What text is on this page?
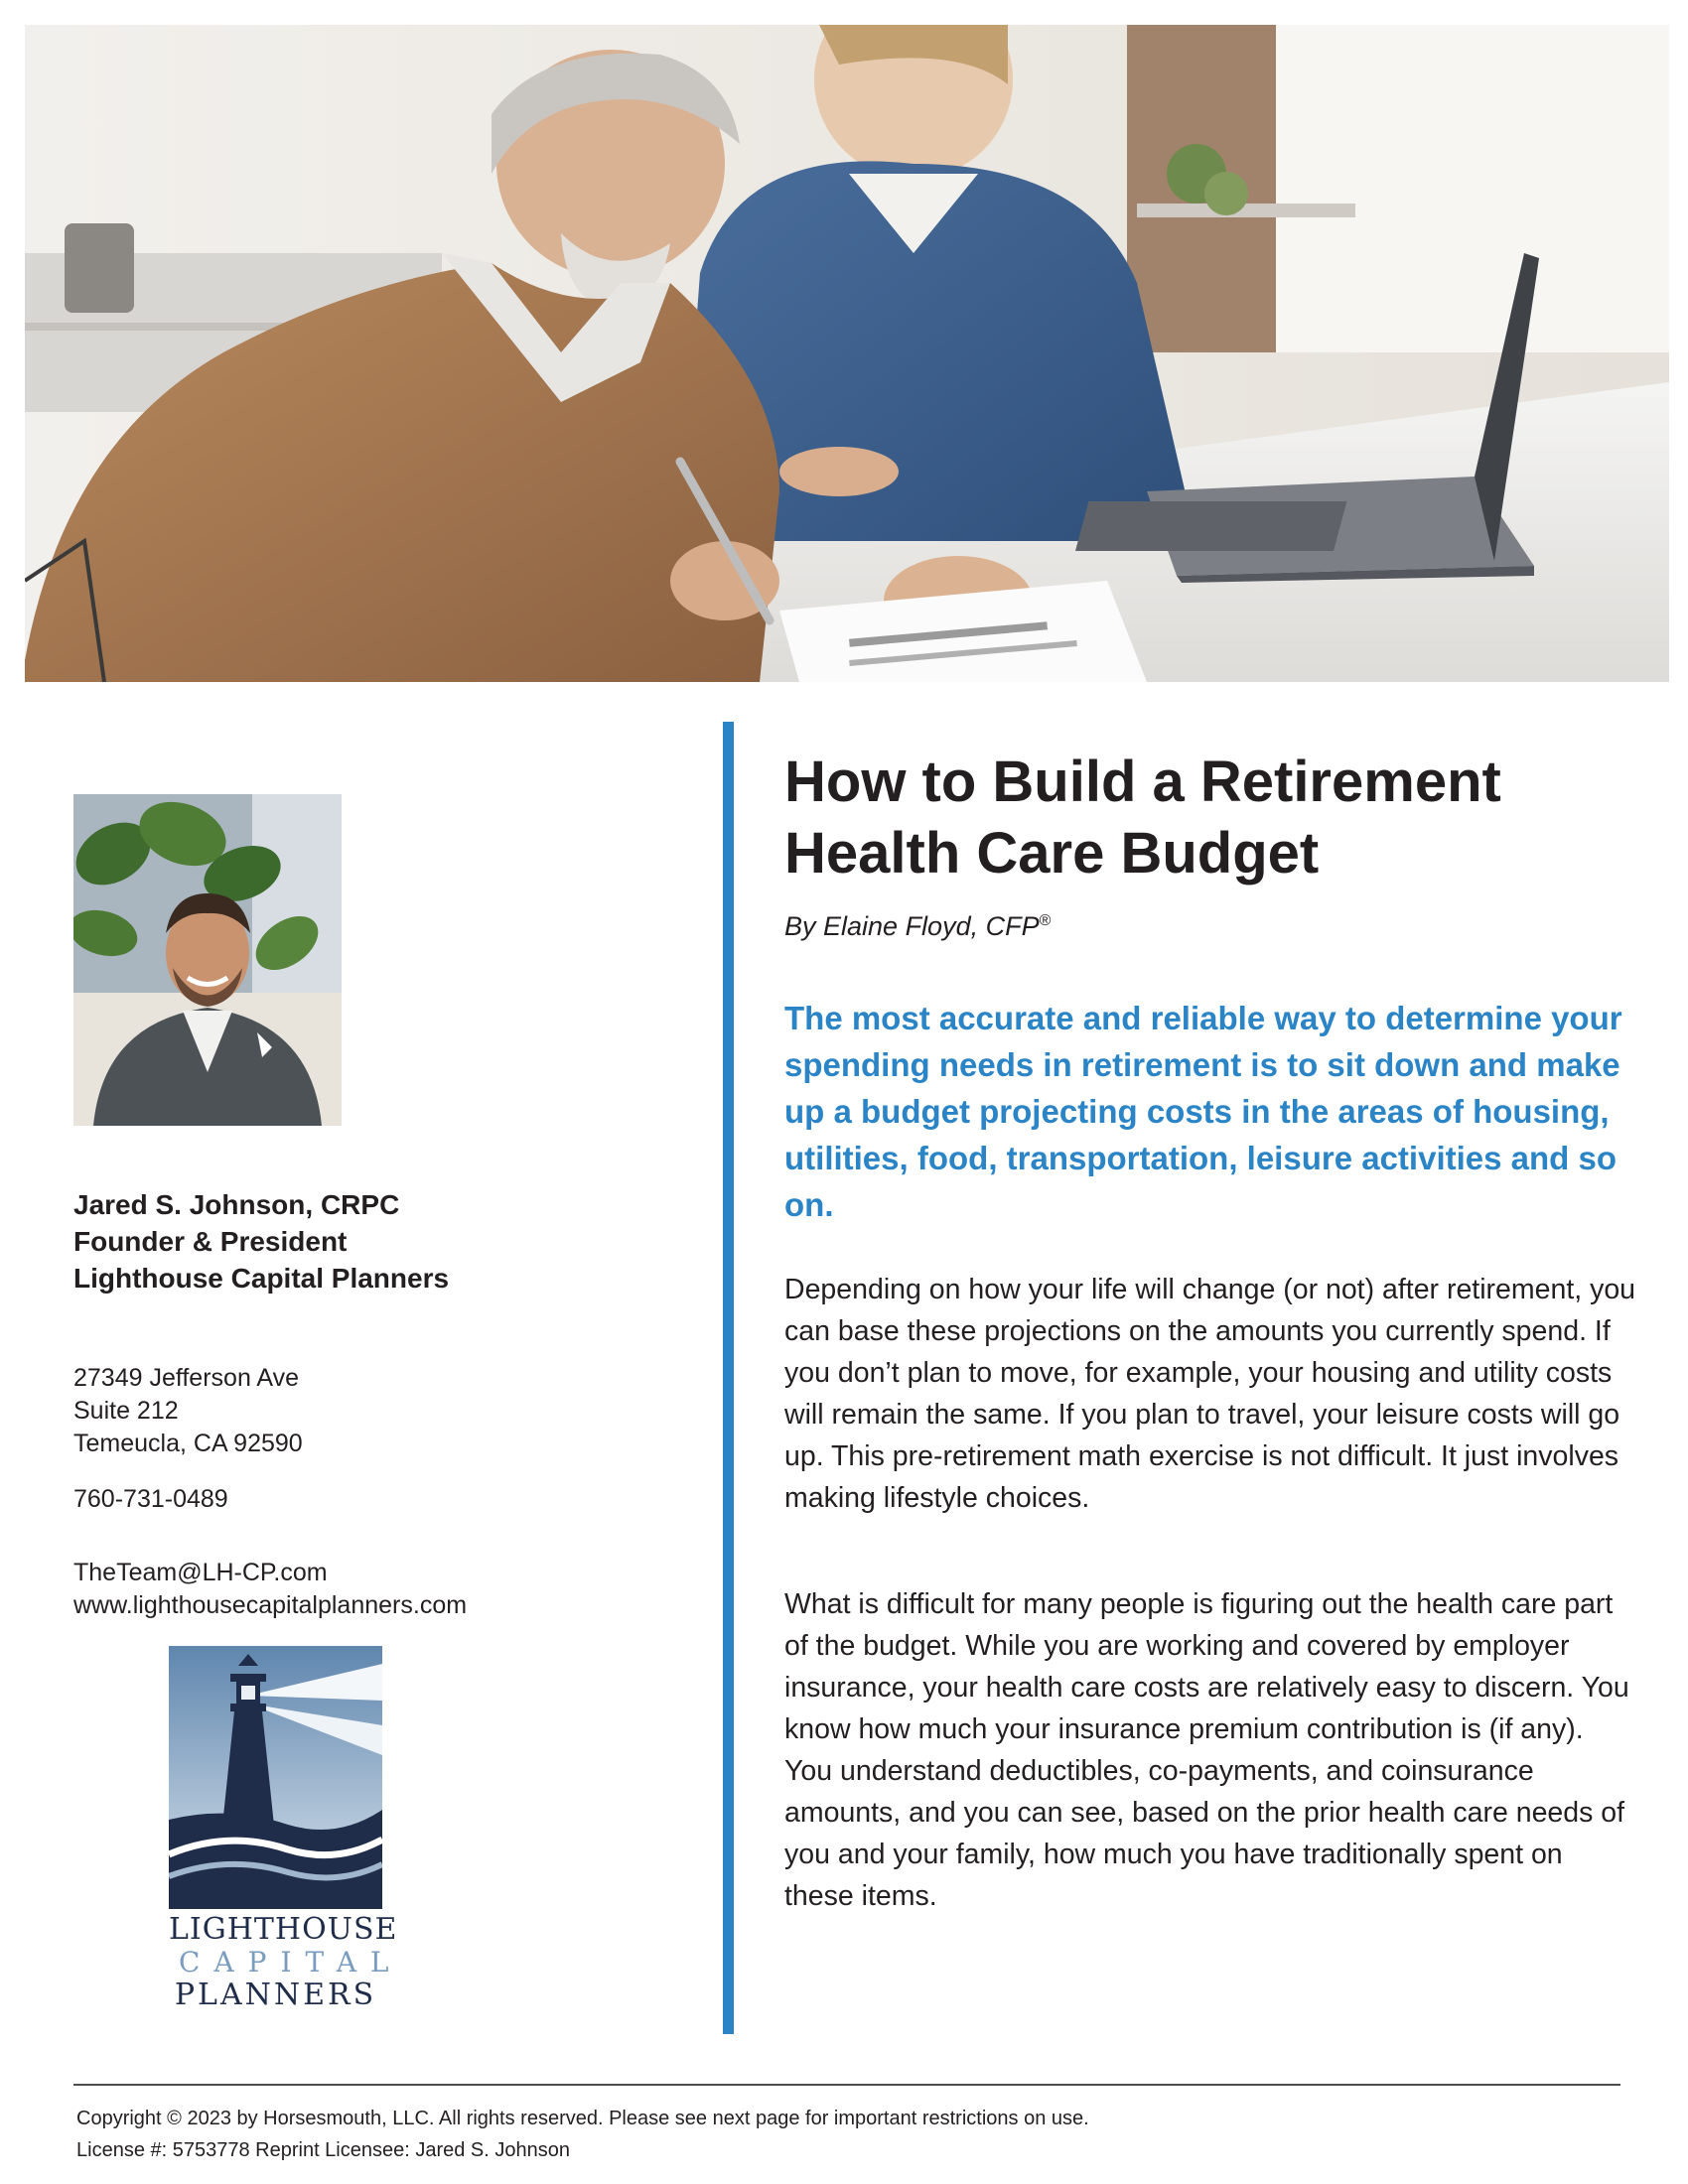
Jared S. Johnson, CRPC
Founder & President
Lighthouse Capital Planners
27349 Jefferson Ave
Suite 212
Temeucla, CA 92590
760-731-0489
TheTeam@LH-CP.com
www.lighthousecapitalplanners.com
LIGHTHOUSE
CAPITAL
PLANNERS
How to Build a Retirement Health Care Budget
By Elaine Floyd, CFP®

The most accurate and reliable way to determine your spending needs in retirement is to sit down and make up a budget projecting costs in the areas of housing, utilities, food, transportation, leisure activities and so on.

Depending on how your life will change (or not) after retirement, you can base these projections on the amounts you currently spend. If you don’t plan to move, for example, your housing and utility costs will remain the same. If you plan to travel, your leisure costs will go up. This pre-retirement math exercise is not difficult. It just involves making lifestyle choices.

What is difficult for many people is figuring out the health care part of the budget. While you are working and covered by employer insurance, your health care costs are relatively easy to discern. You know how much your insurance premium contribution is (if any). You understand deductibles, co-payments, and coinsurance amounts, and you can see, based on the prior health care needs of you and your family, how much you have traditionally spent on these items.

Copyright © 2023 by Horsesmouth, LLC. All rights reserved. Please see next page for important restrictions on use.
License #: 5753778 Reprint Licensee: Jared S. Johnson
